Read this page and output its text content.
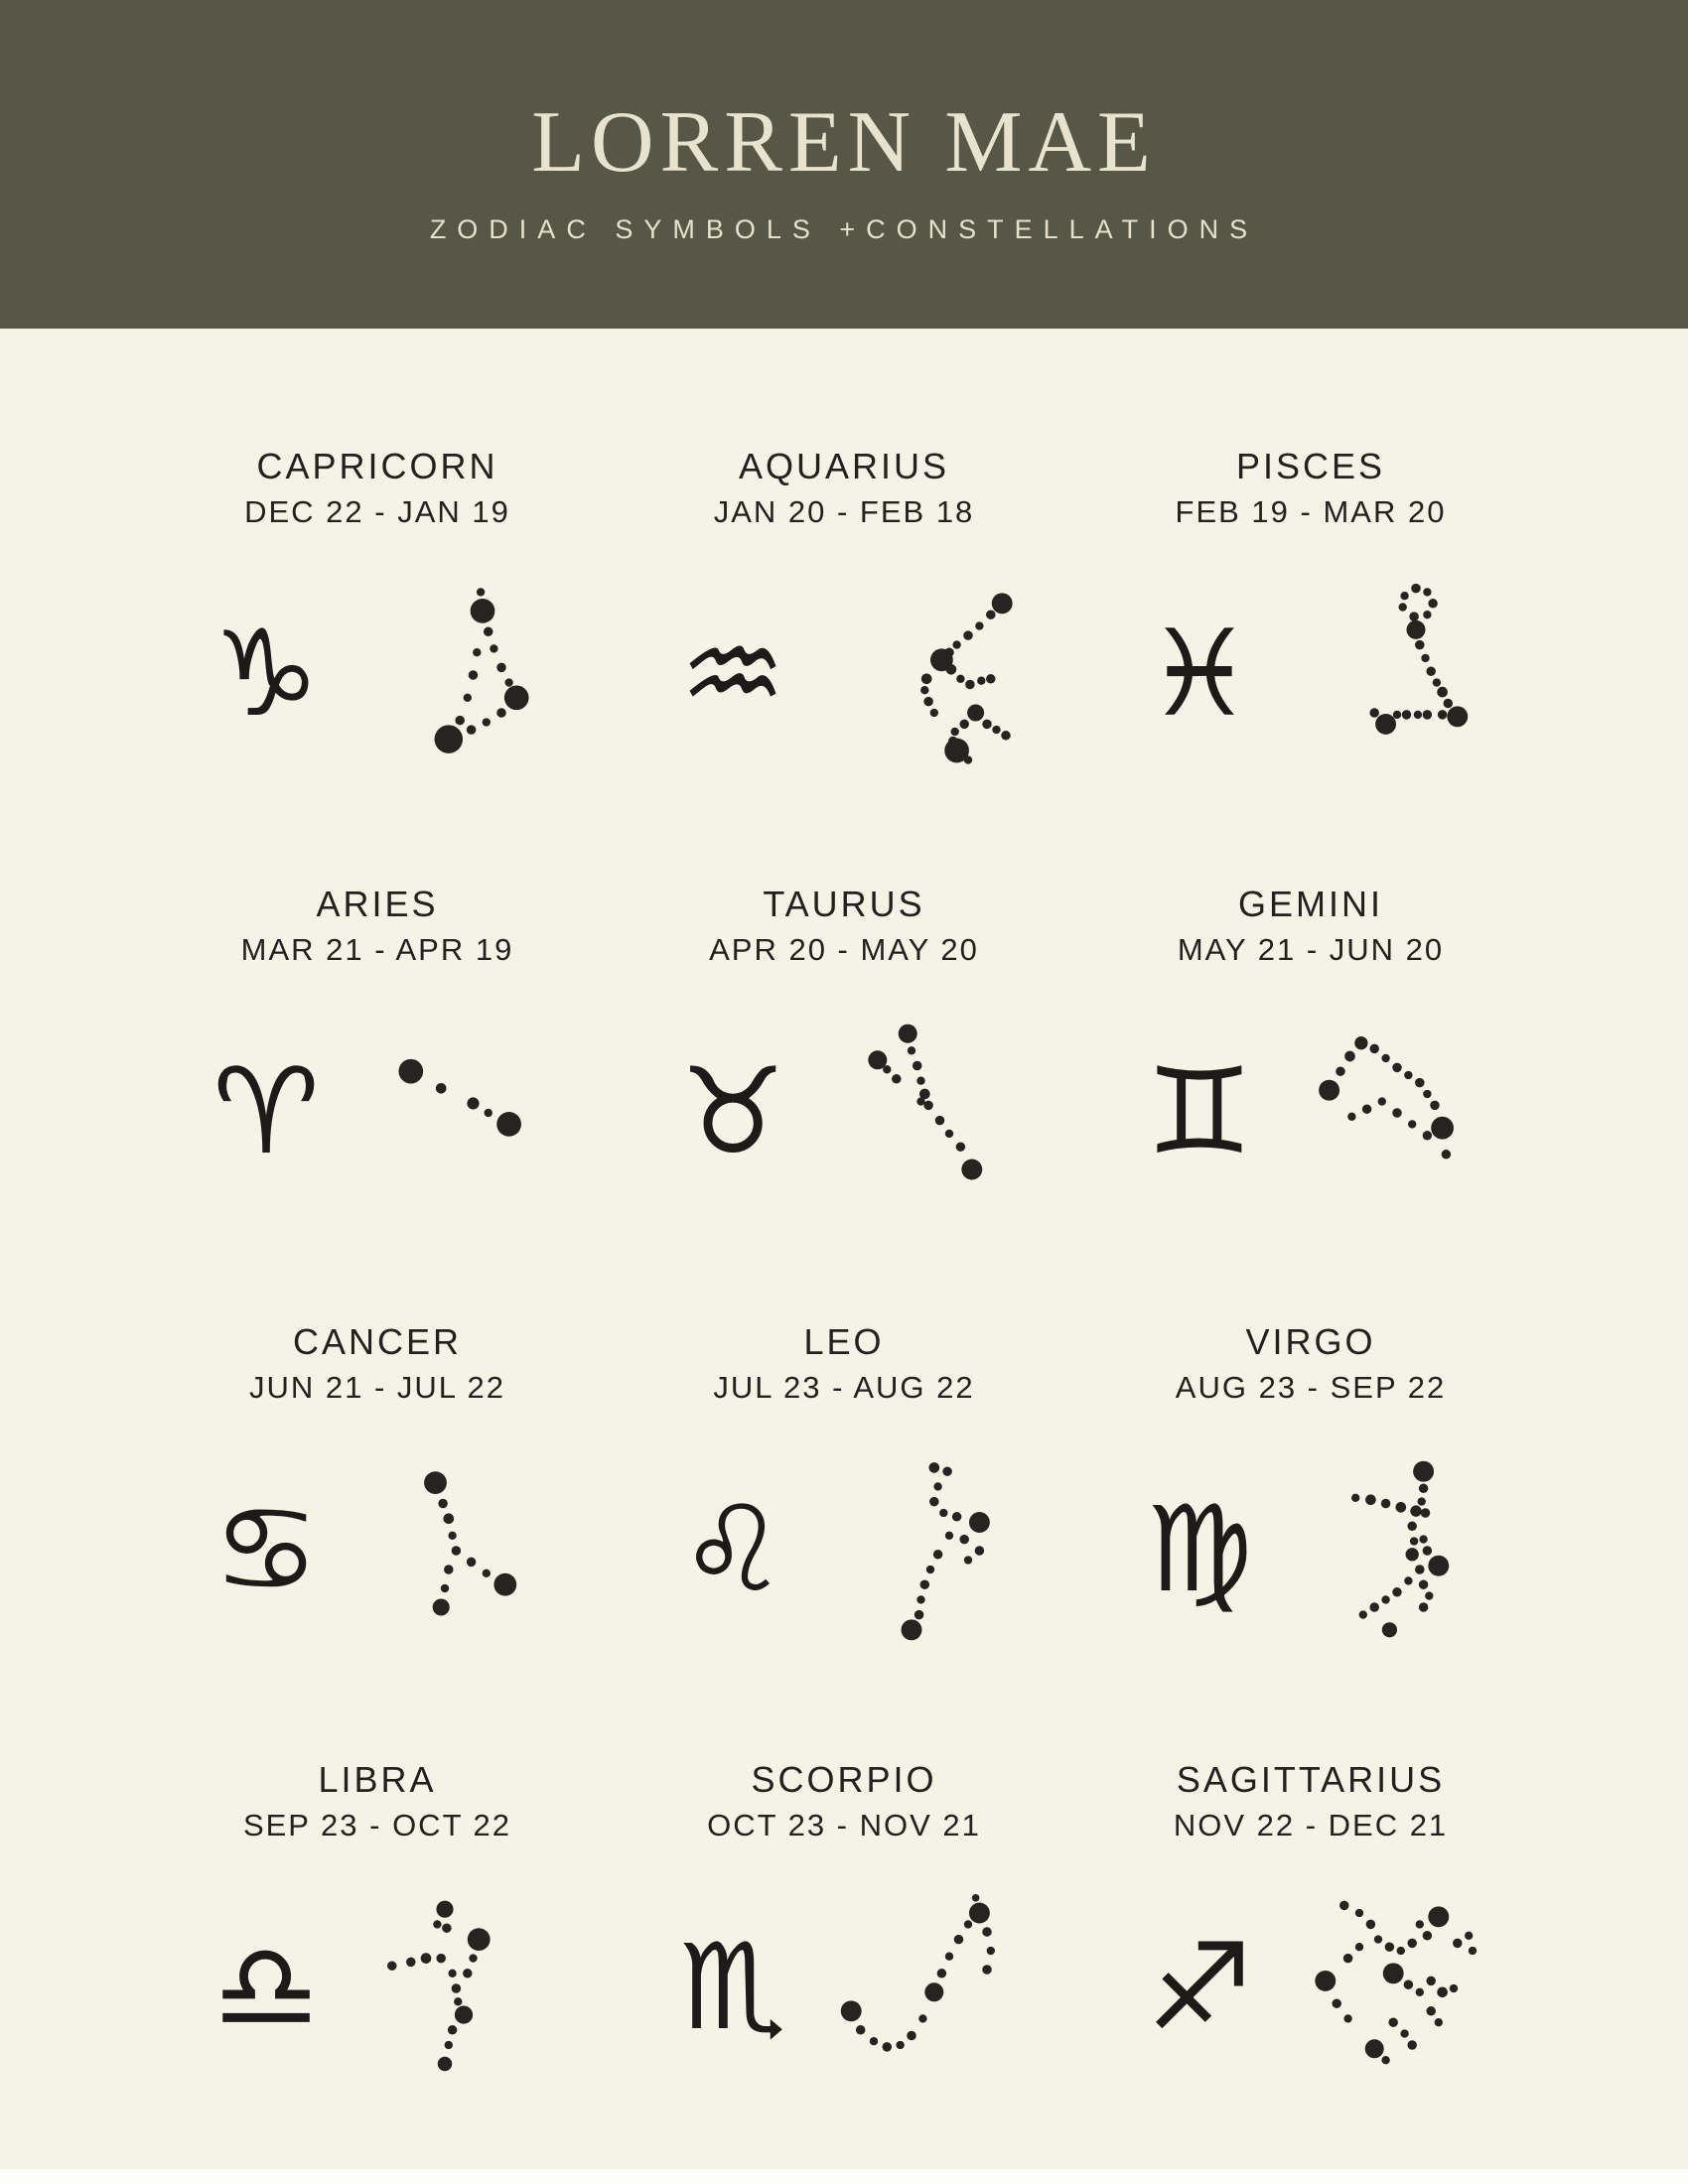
LORREN MAE
ZODIAC SYMBOLS +CONSTELLATIONS
CAPRICORN
DEC 22 - JAN 19
♑
AQUARIUS
JAN 20 - FEB 18
♒
PISCES
FEB 19 - MAR 20
♓
ARIES
MAR 21 - APR 19
♈
TAURUS
APR 20 - MAY 20
♉
GEMINI
MAY 21 - JUN 20
♊
CANCER
JUN 21 - JUL 22
♋
LEO
JUL 23 - AUG 22
♌
VIRGO
AUG 23 - SEP 22
♍
LIBRA
SEP 23 - OCT 22
♎
SCORPIO
OCT 23 - NOV 21
♏
SAGITTARIUS
NOV 22 - DEC 21
♐
